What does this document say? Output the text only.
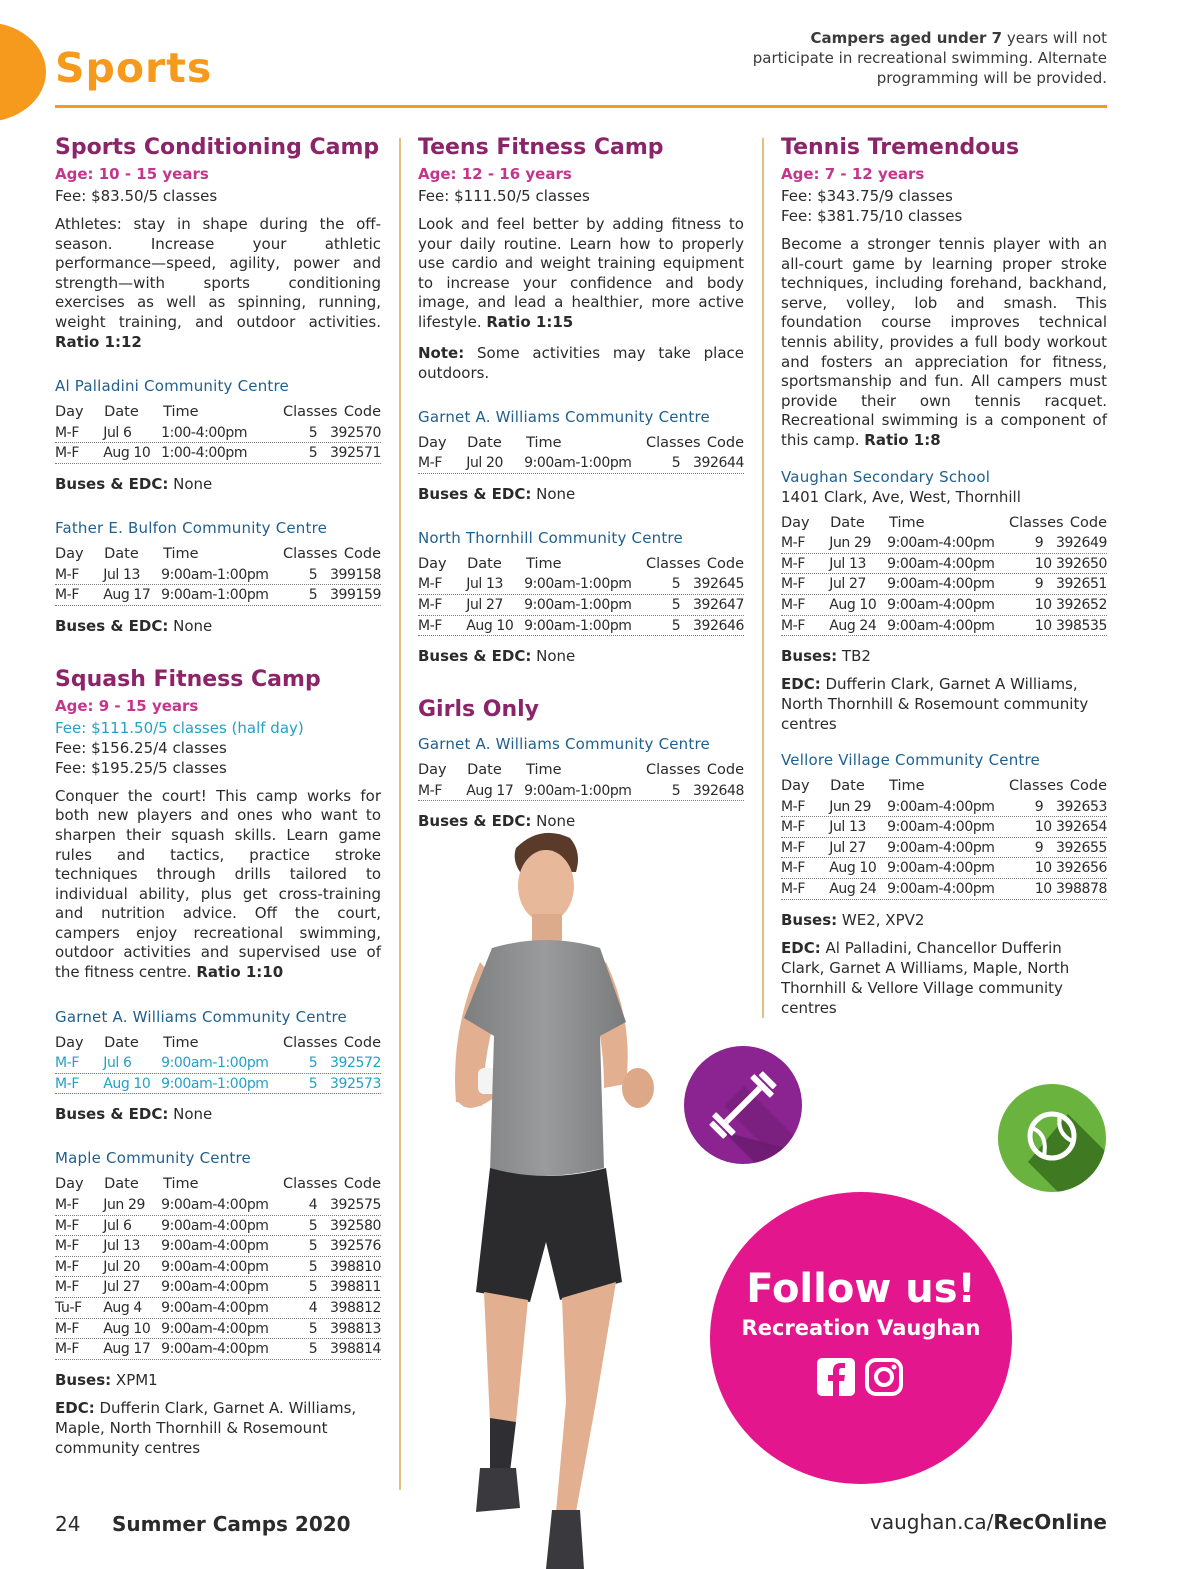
Sports
Campers aged under 7 years will not participate in recreational swimming. Alternate programming will be provided.
Sports Conditioning Camp
Age: 10 - 15 years
Fee: $83.50/5 classes
Athletes: stay in shape during the off-season. Increase your athletic performance—speed, agility, power and strength—with sports conditioning exercises as well as spinning, running, weight training, and outdoor activities. Ratio 1:12
Al Palladini Community Centre
Day	Date	Time	Classes Code
M-F	Jul 6	1:00-4:00pm	5 392570
M-F	Aug 10 1:00-4:00pm	5 392571
Buses & EDC: None
Father E. Bulfon Community Centre
Day	Date	Time	Classes Code
M-F	Jul 13	9:00am-1:00pm	5 399158
M-F	Aug 17 9:00am-1:00pm	5 399159
Buses & EDC: None
Squash Fitness Camp
Age: 9 - 15 years
Fee: $111.50/5 classes (half day)
Fee: $156.25/4 classes
Fee: $195.25/5 classes
Conquer the court! This camp works for both new players and ones who want to sharpen their squash skills. Learn game rules and tactics, practice stroke techniques through drills tailored to individual ability, plus get cross-training and nutrition advice. Off the court, campers enjoy recreational swimming, outdoor activities and supervised use of the fitness centre. Ratio 1:10
Garnet A. Williams Community Centre
Day	Date	Time	Classes Code
M-F	Jul 6	9:00am-1:00pm	5 392572
M-F	Aug 10 9:00am-1:00pm	5 392573
Buses & EDC: None
Maple Community Centre
Day	Date	Time	Classes Code
M-F	Jun 29	9:00am-4:00pm	4 392575
M-F	Jul 6	9:00am-4:00pm	5 392580
M-F	Jul 13	9:00am-4:00pm	5 392576
M-F	Jul 20	9:00am-4:00pm	5 398810
M-F	Jul 27	9:00am-4:00pm	5 398811
Tu-F	Aug 4	9:00am-4:00pm	4 398812
M-F	Aug 10 9:00am-4:00pm	5 398813
M-F	Aug 17 9:00am-4:00pm	5 398814
Buses: XPM1
EDC: Dufferin Clark, Garnet A. Williams, Maple, North Thornhill & Rosemount community centres
Teens Fitness Camp
Age: 12 - 16 years
Fee: $111.50/5 classes
Look and feel better by adding fitness to your daily routine. Learn how to properly use cardio and weight training equipment to increase your confidence and body image, and lead a healthier, more active lifestyle. Ratio 1:15
Note: Some activities may take place outdoors.
Garnet A. Williams Community Centre
Day	Date	Time	Classes Code
M-F	Jul 20	9:00am-1:00pm	5 392644
Buses & EDC: None
North Thornhill Community Centre
Day	Date	Time	Classes Code
M-F	Jul 13	9:00am-1:00pm	5 392645
M-F	Jul 27	9:00am-1:00pm	5 392647
M-F	Aug 10 9:00am-1:00pm	5 392646
Buses & EDC: None
Girls Only
Garnet A. Williams Community Centre
Day	Date	Time	Classes Code
M-F	Aug 17 9:00am-1:00pm	5 392648
Buses & EDC: None
Tennis Tremendous
Age: 7 - 12 years
Fee: $343.75/9 classes
Fee: $381.75/10 classes
Become a stronger tennis player with an all-court game by learning proper stroke techniques, including forehand, backhand, serve, volley, lob and smash. This foundation course improves technical tennis ability, provides a full body workout and fosters an appreciation for fitness, sportsmanship and fun. All campers must provide their own tennis racquet. Recreational swimming is a component of this camp. Ratio 1:8
Vaughan Secondary School
1401 Clark, Ave, West, Thornhill
Day	Date	Time	Classes Code
M-F	Jun 29	9:00am-4:00pm	9 392649
M-F	Jul 13	9:00am-4:00pm	10 392650
M-F	Jul 27	9:00am-4:00pm	9 392651
M-F	Aug 10 9:00am-4:00pm	10 392652
M-F	Aug 24 9:00am-4:00pm	10 398535
Buses: TB2
EDC: Dufferin Clark, Garnet A Williams, North Thornhill & Rosemount community centres
Vellore Village Community Centre
Day	Date	Time	Classes Code
M-F	Jun 29	9:00am-4:00pm	9 392653
M-F	Jul 13	9:00am-4:00pm	10 392654
M-F	Jul 27	9:00am-4:00pm	9 392655
M-F	Aug 10 9:00am-4:00pm	10 392656
M-F	Aug 24 9:00am-4:00pm	10 398878
Buses: WE2, XPV2
EDC: Al Palladini, Chancellor Dufferin Clark, Garnet A Williams, Maple, North Thornhill & Vellore Village community centres
Follow us!
Recreation Vaughan
24 Summer Camps 2020	vaughan.ca/RecOnline
